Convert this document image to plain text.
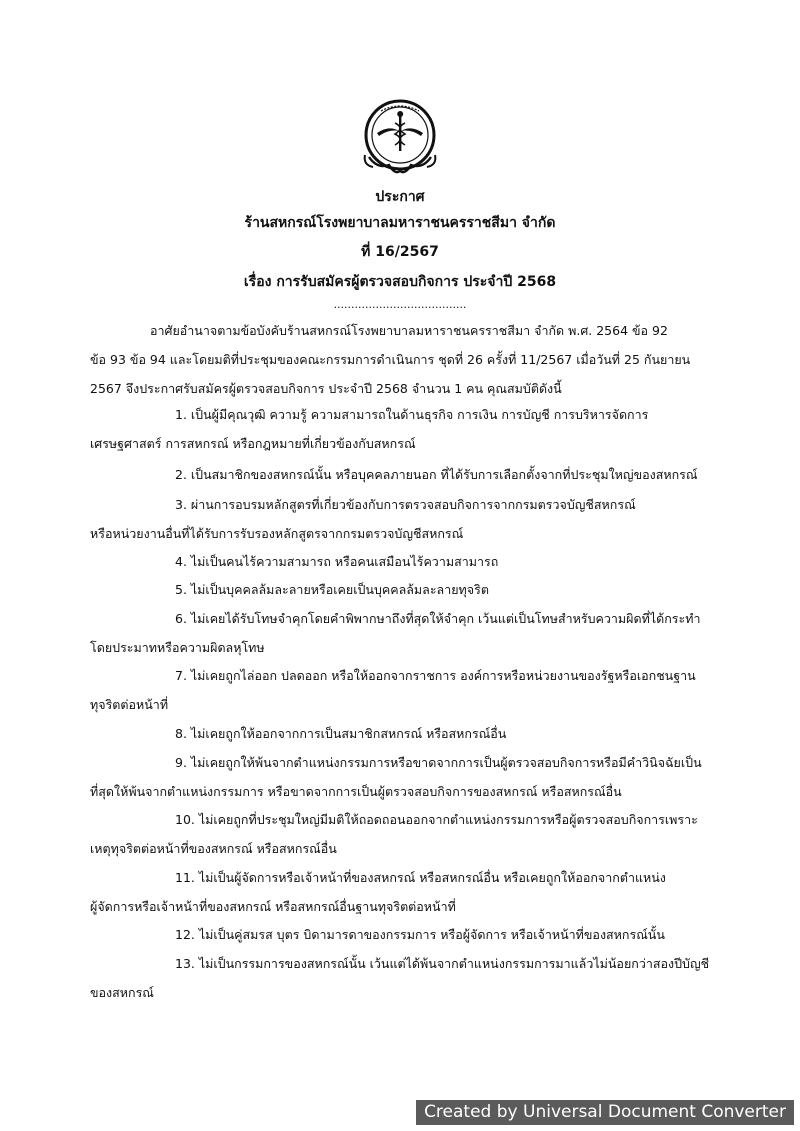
ประกาศ
ร้านสหกรณ์โรงพยาบาลมหาราชนครราชสีมา จำกัด
ที่ 16/2567
เรื่อง การรับสมัครผู้ตรวจสอบกิจการ ประจำปี 2568
......................................
อาศัยอำนาจตามข้อบังคับร้านสหกรณ์โรงพยาบาลมหาราชนครราชสีมา จำกัด พ.ศ. 2564 ข้อ 92
ข้อ 93 ข้อ 94 และโดยมติที่ประชุมของคณะกรรมการดำเนินการ ชุดที่ 26 ครั้งที่ 11/2567 เมื่อวันที่ 25 กันยายน
2567 จึงประกาศรับสมัครผู้ตรวจสอบกิจการ ประจำปี 2568 จำนวน 1 คน คุณสมบัติดังนี้
1. เป็นผู้มีคุณวุฒิ ความรู้ ความสามารถในด้านธุรกิจ การเงิน การบัญชี การบริหารจัดการ
เศรษฐศาสตร์ การสหกรณ์ หรือกฎหมายที่เกี่ยวข้องกับสหกรณ์
2. เป็นสมาชิกของสหกรณ์นั้น หรือบุคคลภายนอก ที่ได้รับการเลือกตั้งจากที่ประชุมใหญ่ของสหกรณ์
3. ผ่านการอบรมหลักสูตรที่เกี่ยวข้องกับการตรวจสอบกิจการจากกรมตรวจบัญชีสหกรณ์
หรือหน่วยงานอื่นที่ได้รับการรับรองหลักสูตรจากกรมตรวจบัญชีสหกรณ์
4. ไม่เป็นคนไร้ความสามารถ หรือคนเสมือนไร้ความสามารถ
5. ไม่เป็นบุคคลล้มละลายหรือเคยเป็นบุคคลล้มละลายทุจริต
6. ไม่เคยได้รับโทษจำคุกโดยคำพิพากษาถึงที่สุดให้จำคุก เว้นแต่เป็นโทษสำหรับความผิดที่ได้กระทำ
โดยประมาทหรือความผิดลหุโทษ
7. ไม่เคยถูกไล่ออก ปลดออก หรือให้ออกจากราชการ องค์การหรือหน่วยงานของรัฐหรือเอกชนฐาน
ทุจริตต่อหน้าที่
8. ไม่เคยถูกให้ออกจากการเป็นสมาชิกสหกรณ์ หรือสหกรณ์อื่น
9. ไม่เคยถูกให้พ้นจากตำแหน่งกรรมการหรือขาดจากการเป็นผู้ตรวจสอบกิจการหรือมีคำวินิจฉัยเป็น
ที่สุดให้พ้นจากตำแหน่งกรรมการ หรือขาดจากการเป็นผู้ตรวจสอบกิจการของสหกรณ์ หรือสหกรณ์อื่น
10. ไม่เคยถูกที่ประชุมใหญ่มีมติให้ถอดถอนออกจากตำแหน่งกรรมการหรือผู้ตรวจสอบกิจการเพราะ
เหตุทุจริตต่อหน้าที่ของสหกรณ์ หรือสหกรณ์อื่น
11. ไม่เป็นผู้จัดการหรือเจ้าหน้าที่ของสหกรณ์ หรือสหกรณ์อื่น หรือเคยถูกให้ออกจากตำแหน่ง
ผู้จัดการหรือเจ้าหน้าที่ของสหกรณ์ หรือสหกรณ์อื่นฐานทุจริตต่อหน้าที่
12. ไม่เป็นคู่สมรส บุตร บิดามารดาของกรรมการ หรือผู้จัดการ หรือเจ้าหน้าที่ของสหกรณ์นั้น
13. ไม่เป็นกรรมการของสหกรณ์นั้น เว้นแต่ได้พ้นจากตำแหน่งกรรมการมาแล้วไม่น้อยกว่าสองปีบัญชี
ของสหกรณ์
Created by Universal Document Converter
